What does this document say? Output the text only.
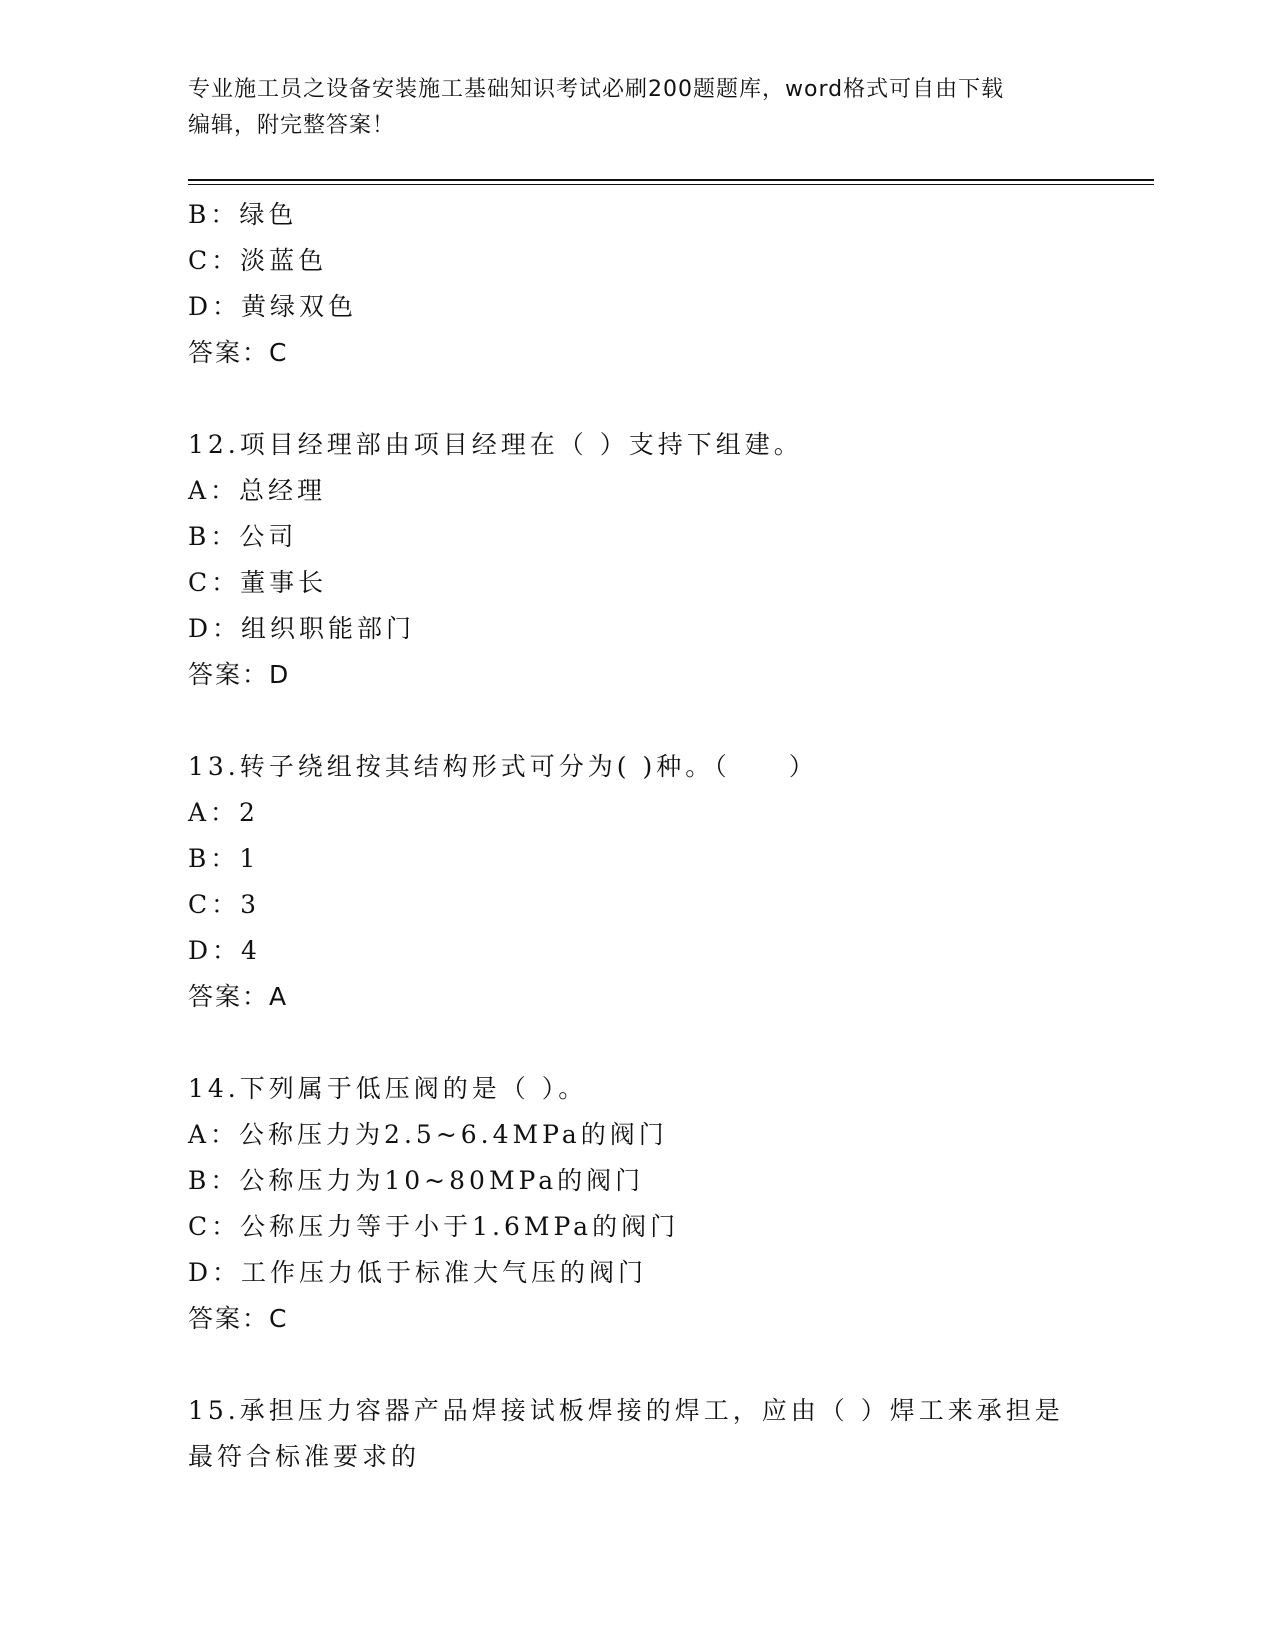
专业施工员之设备安装施工基础知识考试必刷200题题库，word格式可自由下载
编辑，附完整答案！
B：绿色
C：淡蓝色
D：黄绿双色
答案：C
12.项目经理部由项目经理在（ ）支持下组建。
A：总经理
B：公司
C：董事长
D：组织职能部门
答案：D
13.转子绕组按其结构形式可分为( )种。（　　）
A：2
B：1
C：3
D：4
答案：A
14.下列属于低压阀的是（ ）。
A：公称压力为2.5~6.4MPa的阀门
B：公称压力为10~80MPa的阀门
C：公称压力等于小于1.6MPa的阀门
D：工作压力低于标准大气压的阀门
答案：C
15.承担压力容器产品焊接试板焊接的焊工，应由（ ）焊工来承担是
最符合标准要求的
